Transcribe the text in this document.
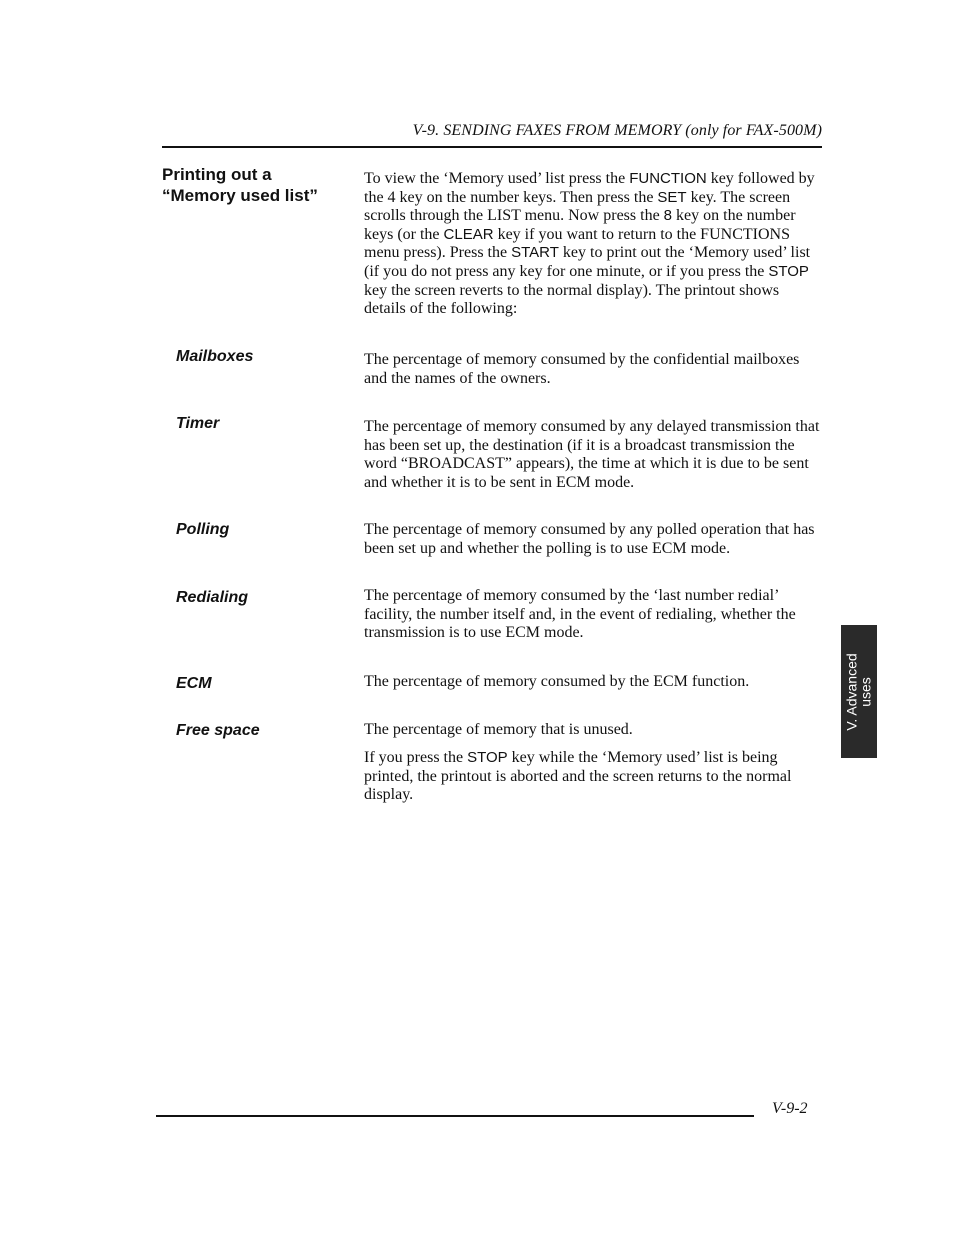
V-9. SENDING FAXES FROM MEMORY (only for FAX-500M)
Printing out a
“Memory used list”

To view the ‘Memory used’ list press the FUNCTION key followed by the 4 key on the number keys. Then press the SET key. The screen scrolls through the LIST menu. Now press the 8 key on the number keys (or the CLEAR key if you want to return to the FUNCTIONS menu press). Press the START key to print out the ‘Memory used’ list (if you do not press any key for one minute, or if you press the STOP key the screen reverts to the normal display). The printout shows details of the following:

Mailboxes	The percentage of memory consumed by the confidential mailboxes and the names of the owners.

Timer	The percentage of memory consumed by any delayed transmission that has been set up, the destination (if it is a broadcast transmission the word “BROADCAST” appears), the time at which it is due to be sent and whether it is to be sent in ECM mode.

Polling	The percentage of memory consumed by any polled operation that has been set up and whether the polling is to use ECM mode.

Redialing	The percentage of memory consumed by the ‘last number redial’ facility, the number itself and, in the event of redialing, whether the transmission is to use ECM mode.

ECM	The percentage of memory consumed by the ECM function.

Free space	The percentage of memory that is unused.

If you press the STOP key while the ‘Memory used’ list is being printed, the printout is aborted and the screen returns to the normal display.

V. Advanced
uses
V-9-2
